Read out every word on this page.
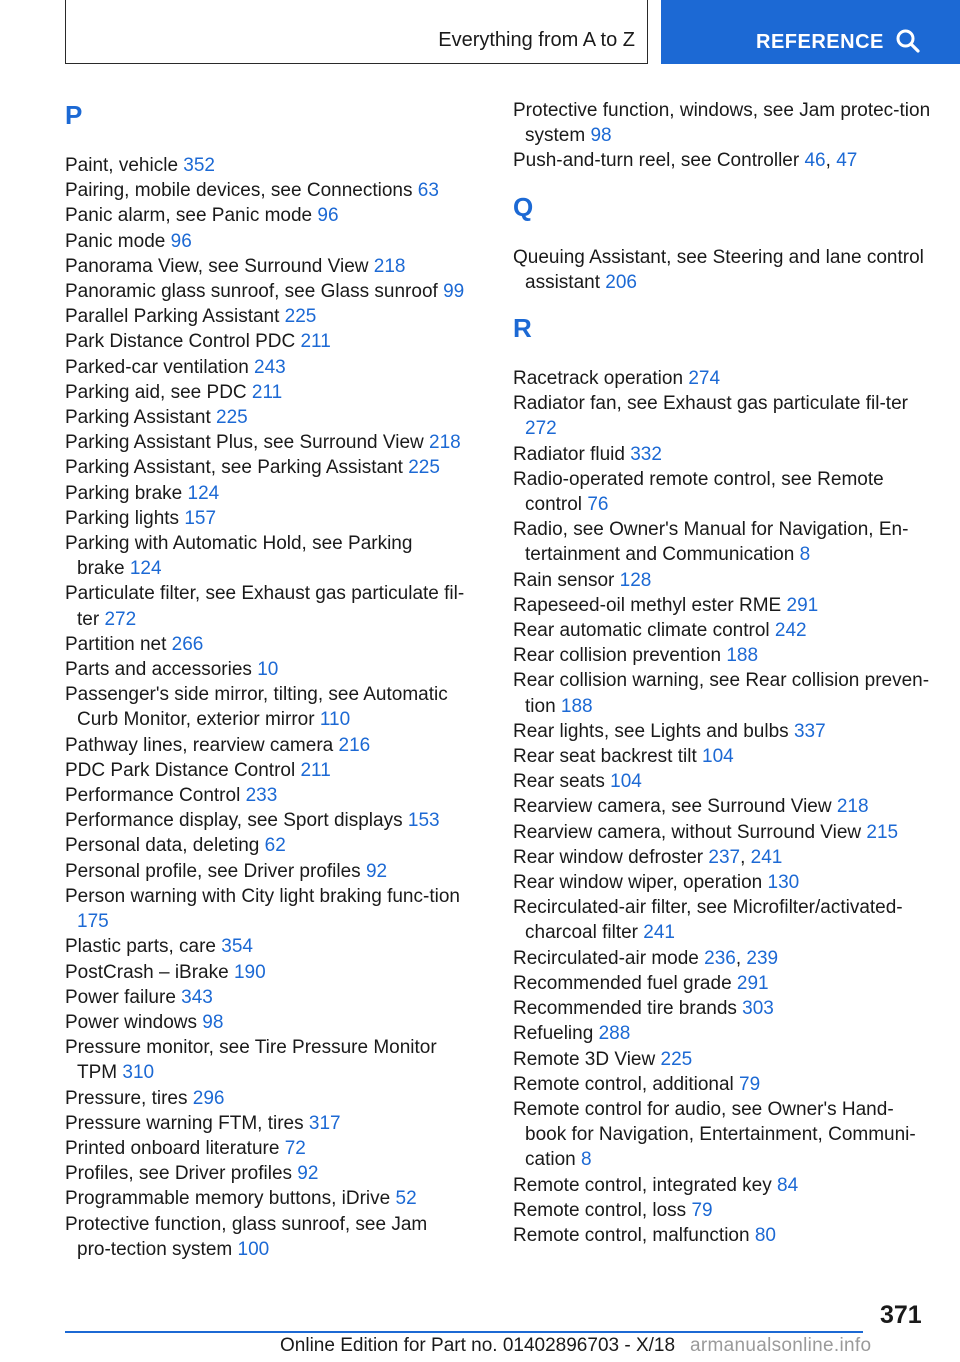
Everything from A to Z	REFERENCE
P
Paint, vehicle 352
Pairing, mobile devices, see Connections 63
Panic alarm, see Panic mode 96
Panic mode 96
Panorama View, see Surround View 218
Panoramic glass sunroof, see Glass sunroof 99
Parallel Parking Assistant 225
Park Distance Control PDC 211
Parked-car ventilation 243
Parking aid, see PDC 211
Parking Assistant 225
Parking Assistant Plus, see Surround View 218
Parking Assistant, see Parking Assistant 225
Parking brake 124
Parking lights 157
Parking with Automatic Hold, see Parking brake 124
Particulate filter, see Exhaust gas particulate fil‐ter 272
Partition net 266
Parts and accessories 10
Passenger's side mirror, tilting, see Automatic Curb Monitor, exterior mirror 110
Pathway lines, rearview camera 216
PDC Park Distance Control 211
Performance Control 233
Performance display, see Sport displays 153
Personal data, deleting 62
Personal profile, see Driver profiles 92
Person warning with City light braking func‐tion 175
Plastic parts, care 354
PostCrash – iBrake 190
Power failure 343
Power windows 98
Pressure monitor, see Tire Pressure Monitor TPM 310
Pressure, tires 296
Pressure warning FTM, tires 317
Printed onboard literature 72
Profiles, see Driver profiles 92
Programmable memory buttons, iDrive 52
Protective function, glass sunroof, see Jam pro‐tection system 100
Protective function, windows, see Jam protec‐tion system 98
Push-and-turn reel, see Controller 46, 47
Q
Queuing Assistant, see Steering and lane control assistant 206
R
Racetrack operation 274
Radiator fan, see Exhaust gas particulate fil‐ter 272
Radiator fluid 332
Radio-operated remote control, see Remote control 76
Radio, see Owner's Manual for Navigation, En‐tertainment and Communication 8
Rain sensor 128
Rapeseed-oil methyl ester RME 291
Rear automatic climate control 242
Rear collision prevention 188
Rear collision warning, see Rear collision preven‐tion 188
Rear lights, see Lights and bulbs 337
Rear seat backrest tilt 104
Rear seats 104
Rearview camera, see Surround View 218
Rearview camera, without Surround View 215
Rear window defroster 237, 241
Rear window wiper, operation 130
Recirculated-air filter, see Microfilter/activated-charcoal filter 241
Recirculated-air mode 236, 239
Recommended fuel grade 291
Recommended tire brands 303
Refueling 288
Remote 3D View 225
Remote control, additional 79
Remote control for audio, see Owner's Hand‐book for Navigation, Entertainment, Communi‐cation 8
Remote control, integrated key 84
Remote control, loss 79
Remote control, malfunction 80
371
Online Edition for Part no. 01402896703 - X/18 armanualsonline.info
